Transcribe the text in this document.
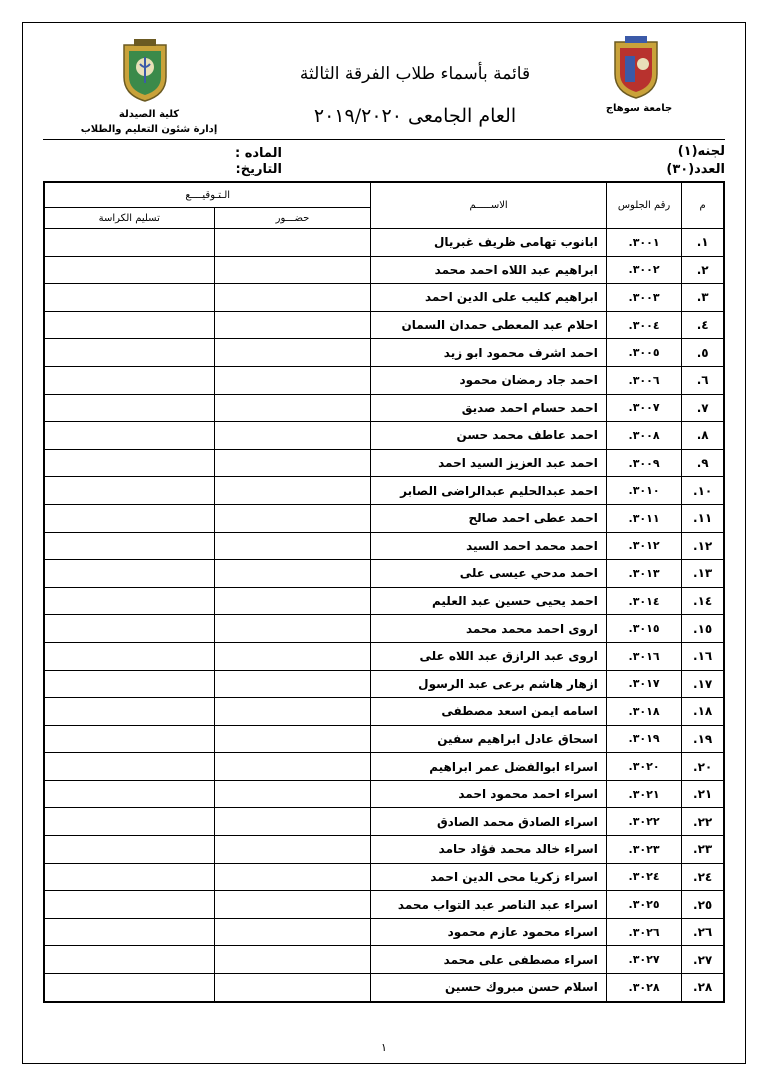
كلية الصيدلة
إدارة شئون التعليم والطلاب
جامعة سوهاج
قائمة بأسماء طلاب الفرقة الثالثة
العام الجامعى ٢٠١٩/٢٠٢٠
لجنه(١)
العدد(٣٠)
الماده :
التاريخ:
م	رقم الجلوس	الاســـــم	الـتـوقيــــع	
			حضـــور	تسليم الكراسة
١.	٣٠٠١.	ابانوب تهامى ظريف غبريال		
٢.	٣٠٠٢.	ابراهيم عبد اللاه احمد محمد		
٣.	٣٠٠٣.	ابراهيم كليب على الدين احمد		
٤.	٣٠٠٤.	احلام عبد المعطى حمدان السمان		
٥.	٣٠٠٥.	احمد اشرف محمود ابو زيد		
٦.	٣٠٠٦.	احمد جاد رمضان محمود		
٧.	٣٠٠٧.	احمد حسام احمد صديق		
٨.	٣٠٠٨.	احمد عاطف محمد حسن		
٩.	٣٠٠٩.	احمد عبد العزيز السيد احمد		
١٠.	٣٠١٠.	احمد عبدالحليم عبدالراضى الصابر		
١١.	٣٠١١.	احمد عطى احمد صالح		
١٢.	٣٠١٢.	احمد محمد احمد السيد		
١٣.	٣٠١٣.	احمد مدحي عيسى على		
١٤.	٣٠١٤.	احمد يحيى حسين عبد العليم		
١٥.	٣٠١٥.	اروى احمد محمد محمد		
١٦.	٣٠١٦.	اروى عبد الرازق عبد اللاه على		
١٧.	٣٠١٧.	ازهار هاشم برعى عبد الرسول		
١٨.	٣٠١٨.	اسامه ايمن اسعد مصطفى		
١٩.	٣٠١٩.	اسحاق عادل ابراهيم سفين		
٢٠.	٣٠٢٠.	اسراء ابوالفضل عمر ابراهيم		
٢١.	٣٠٢١.	اسراء احمد محمود احمد		
٢٢.	٣٠٢٢.	اسراء الصادق محمد الصادق		
٢٣.	٣٠٢٣.	اسراء خالد محمد فؤاد حامد		
٢٤.	٣٠٢٤.	اسراء زكريا محى الدين احمد		
٢٥.	٣٠٢٥.	اسراء عبد الناصر عبد التواب محمد		
٢٦.	٣٠٢٦.	اسراء محمود عازم محمود		
٢٧.	٣٠٢٧.	اسراء مصطفى على محمد		
٢٨.	٣٠٢٨.	اسلام حسن مبروك حسين		
١
